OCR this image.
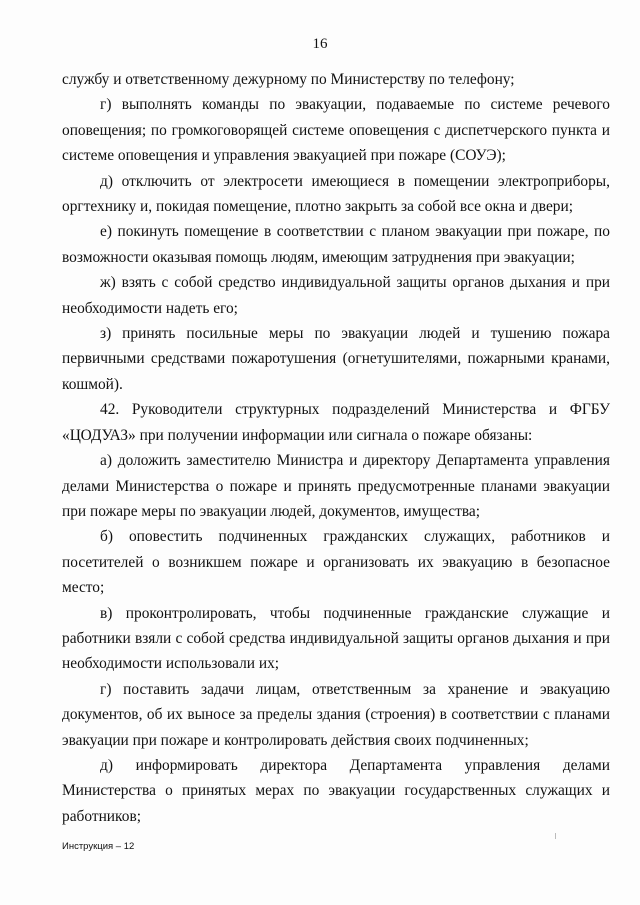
16

службу и ответственному дежурному по Министерству по телефону;

г) выполнять команды по эвакуации, подаваемые по системе речевого оповещения; по громкоговорящей системе оповещения с диспетчерского пункта и системе оповещения и управления эвакуацией при пожаре (СОУЭ);

д) отключить от электросети имеющиеся в помещении электроприборы, оргтехнику и, покидая помещение, плотно закрыть за собой все окна и двери;

е) покинуть помещение в соответствии с планом эвакуации при пожаре, по возможности оказывая помощь людям, имеющим затруднения при эвакуации;

ж) взять с собой средство индивидуальной защиты органов дыхания и при необходимости надеть его;

з) принять посильные меры по эвакуации людей и тушению пожара первичными средствами пожаротушения (огнетушителями, пожарными кранами, кошмой).

42. Руководители структурных подразделений Министерства и ФГБУ «ЦОДУАЗ» при получении информации или сигнала о пожаре обязаны:

а) доложить заместителю Министра и директору Департамента управления делами Министерства о пожаре и принять предусмотренные планами эвакуации при пожаре меры по эвакуации людей, документов, имущества;

б) оповестить подчиненных гражданских служащих, работников и посетителей о возникшем пожаре и организовать их эвакуацию в безопасное место;

в) проконтролировать, чтобы подчиненные гражданские служащие и работники взяли с собой средства индивидуальной защиты органов дыхания и при необходимости использовали их;

г) поставить задачи лицам, ответственным за хранение и эвакуацию документов, об их выносе за пределы здания (строения) в соответствии с планами эвакуации при пожаре и контролировать действия своих подчиненных;

д) информировать директора Департамента управления делами Министерства о принятых мерах по эвакуации государственных служащих и работников;

Инструкция – 12
